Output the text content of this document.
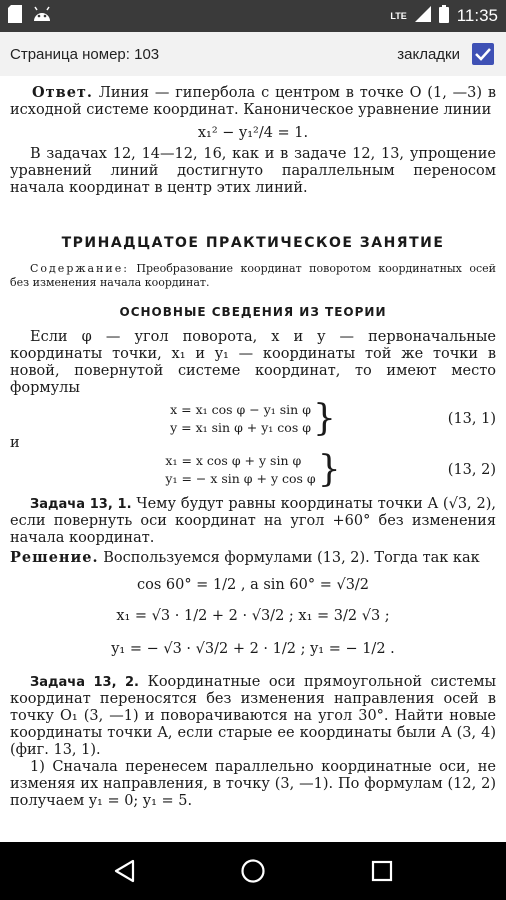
LTE	11:35
Страница номер: 103	закладки
Ответ. Линия — гипербола с центром в точке O (1, —3) в исходной системе координат. Каноническое уравнение линии
x₁² − y₁²/4 = 1.
В задачах 12, 14—12, 16, как и в задаче 12, 13, упрощение уравнений линий достигнуто параллельным переносом начала координат в центр этих линий.
ТРИНАДЦАТОЕ ПРАКТИЧЕСКОЕ ЗАНЯТИЕ
Содержание: Преобразование координат поворотом координатных осей без изменения начала координат.
ОСНОВНЫЕ СВЕДЕНИЯ ИЗ ТЕОРИИ
Если φ — угол поворота, x и y — первоначальные координаты точки, x₁ и y₁ — координаты той же точки в новой, повернутой системе координат, то имеют место формулы
x = x₁ cos φ − y₁ sin φ
y = x₁ sin φ + y₁ cos φ }	(13, 1)
и
x₁ = x cos φ + y sin φ
y₁ = − x sin φ + y cos φ }	(13, 2)
Задача 13, 1. Чему будут равны координаты точки A (√3, 2), если повернуть оси координат на угол +60° без изменения начала координат.
Решение. Воспользуемся формулами (13, 2). Тогда так как
cos 60° = 1/2 , a sin 60° = √3/2
x₁ = √3 · 1/2 + 2 · √3/2 ; x₁ = 3/2 √3 ;
y₁ = − √3 · √3/2 + 2 · 1/2 ; y₁ = − 1/2 .
Задача 13, 2. Координатные оси прямоугольной системы координат переносятся без изменения направления осей в точку O₁ (3, —1) и поворачиваются на угол 30°. Найти новые координаты точки A, если старые ее координаты были A (3, 4) (фиг. 13, 1).
1) Сначала перенесем параллельно координатные оси, не изменяя их направления, в точку (3, —1). По формулам (12, 2) получаем y₁ = 0; y₁ = 5.
